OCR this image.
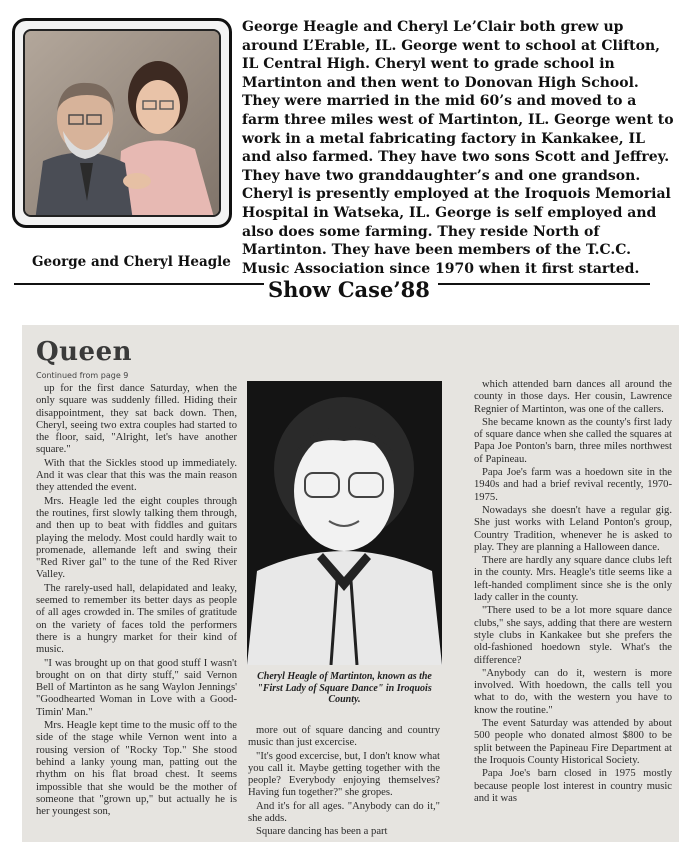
George and Cheryl Heagle
George Heagle and Cheryl Le’Clair both grew up around L’Erable, IL. George went to school at Clifton, IL Central High. Cheryl went to grade school in Martinton and then went to Donovan High School. They were married in the mid 60’s and moved to a farm three miles west of Martinton, IL. George went to work in a metal fabricating factory in Kankakee, IL and also farmed. They have two sons Scott and Jeffrey. They have two granddaughter’s and one grandson. Cheryl is presently employed at the Iroquois Memorial Hospital in Watseka, IL. George is self employed and also does some farming. They reside North of Martinton. They have been members of the T.C.C. Music Association since 1970 when it first started.
Show Case’88
Queen
Continued from page 9

up for the first dance Saturday, when the only square was suddenly filled. Hiding their disappointment, they sat back down. Then, Cheryl, seeing two extra couples had started to the floor, said, "Alright, let's have another square."

With that the Sickles stood up immediately. And it was clear that this was the main reason they attended the event.

Mrs. Heagle led the eight couples through the routines, first slowly talking them through, and then up to beat with fiddles and guitars playing the melody. Most could hardly wait to promenade, allemande left and swing their "Red River gal" to the tune of the Red River Valley.

The rarely-used hall, delapidated and leaky, seemed to remember its better days as people of all ages crowded in. The smiles of gratitude on the variety of faces told the performers there is a hungry market for their kind of music.

"I was brought up on that good stuff I wasn't brought on on that dirty stuff," said Vernon Bell of Martinton as he sang Waylon Jennings' "Goodhearted Woman in Love with a Good-Timin' Man."

Mrs. Heagle kept time to the music off to the side of the stage while Vernon went into a rousing version of "Rocky Top." She stood behind a lanky young man, patting out the rhythm on his flat broad chest. It seems impossible that she would be the mother of someone that "grown up," but actually he is her youngest son,

Cheryl Heagle of Martinton, known as the "First Lady of Square Dance" in Iroquois County.

more out of square dancing and country music than just excercise.

"It's good excercise, but, I don't know what you call it. Maybe getting together with the people? Everybody enjoying themselves? Having fun together?" she gropes.

And it's for all ages. "Anybody can do it," she adds.

Square dancing has been a part

which attended barn dances all around the county in those days. Her cousin, Lawrence Regnier of Martinton, was one of the callers.

She became known as the county's first lady of square dance when she called the squares at Papa Joe Ponton's barn, three miles northwest of Papineau.

Papa Joe's farm was a hoedown site in the 1940s and had a brief revival recently, 1970-1975.

Nowadays she doesn't have a regular gig. She just works with Leland Ponton's group, Country Tradition, whenever he is asked to play. They are planning a Halloween dance.

There are hardly any square dance clubs left in the county. Mrs. Heagle's title seems like a left-handed compliment since she is the only lady caller in the county.

"There used to be a lot more square dance clubs," she says, adding that there are western style clubs in Kankakee but she prefers the old-fashioned hoedown style. What's the difference?

"Anybody can do it, western is more involved. With hoedown, the calls tell you what to do, with the western you have to know the routine."

The event Saturday was attended by about 500 people who donated almost $800 to be split between the Papineau Fire Department at the Iroquois County Historical Society.

Papa Joe's barn closed in 1975 mostly because people lost interest in country music and it was
